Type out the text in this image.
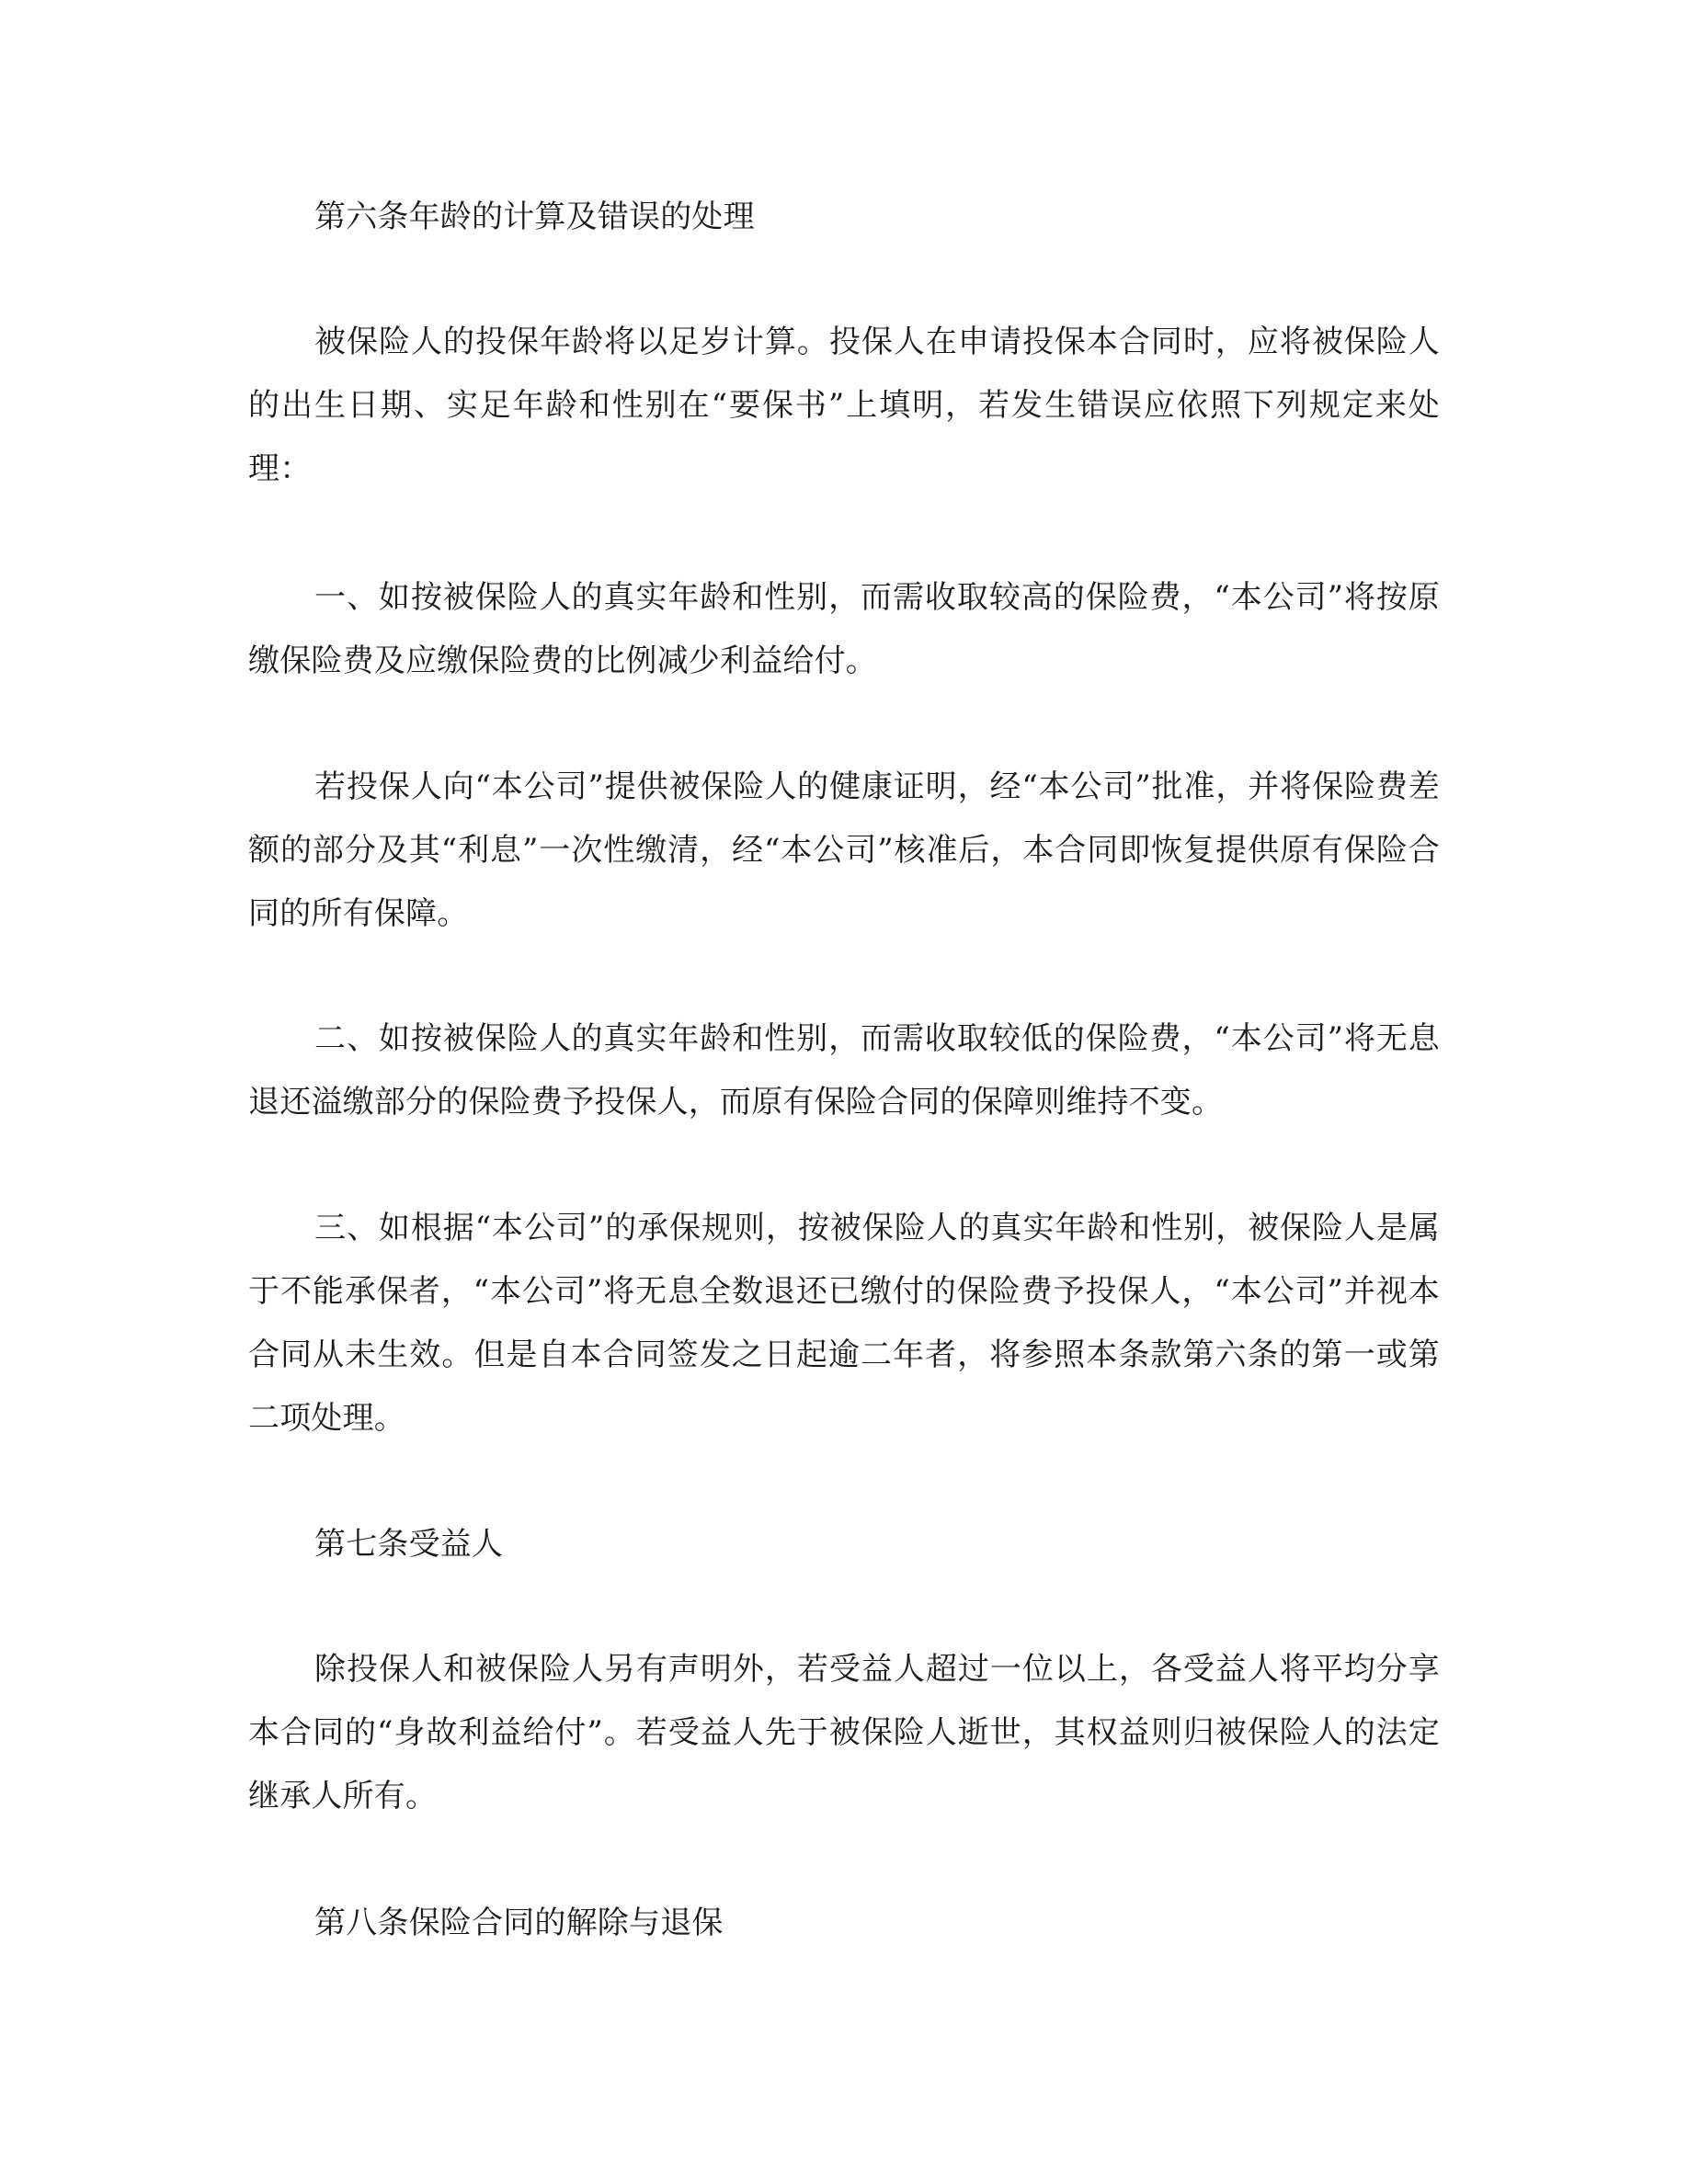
第六条年龄的计算及错误的处理

被保险人的投保年龄将以足岁计算。投保人在申请投保本合同时，应将被保险人的出生日期、实足年龄和性别在“要保书”上填明，若发生错误应依照下列规定来处理：

一、如按被保险人的真实年龄和性别，而需收取较高的保险费，“本公司”将按原缴保险费及应缴保险费的比例减少利益给付。

若投保人向“本公司”提供被保险人的健康证明，经“本公司”批准，并将保险费差额的部分及其“利息”一次性缴清，经“本公司”核准后，本合同即恢复提供原有保险合同的所有保障。

二、如按被保险人的真实年龄和性别，而需收取较低的保险费，“本公司”将无息退还溢缴部分的保险费予投保人，而原有保险合同的保障则维持不变。

三、如根据“本公司”的承保规则，按被保险人的真实年龄和性别，被保险人是属于不能承保者，“本公司”将无息全数退还已缴付的保险费予投保人，“本公司”并视本合同从未生效。但是自本合同签发之日起逾二年者，将参照本条款第六条的第一或第二项处理。

第七条受益人

除投保人和被保险人另有声明外，若受益人超过一位以上，各受益人将平均分享本合同的“身故利益给付”。若受益人先于被保险人逝世，其权益则归被保险人的法定继承人所有。

第八条保险合同的解除与退保
